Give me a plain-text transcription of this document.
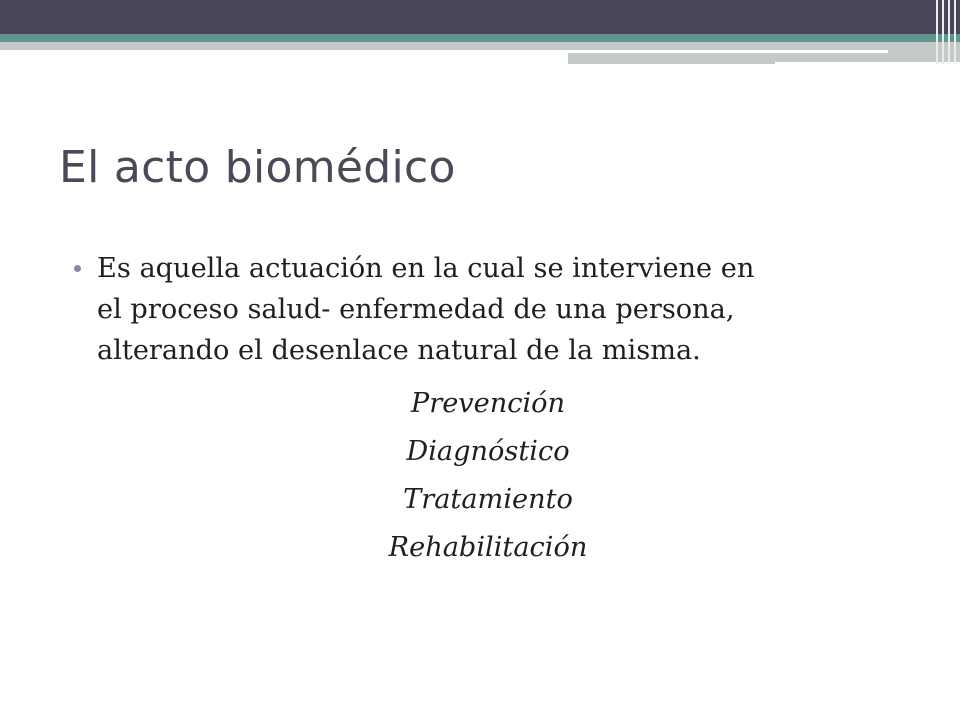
El acto biomédico
Es aquella actuación en la cual se interviene en
el proceso salud- enfermedad de una persona,
alterando el desenlace natural de la misma.
Prevención
Diagnóstico
Tratamiento
Rehabilitación
